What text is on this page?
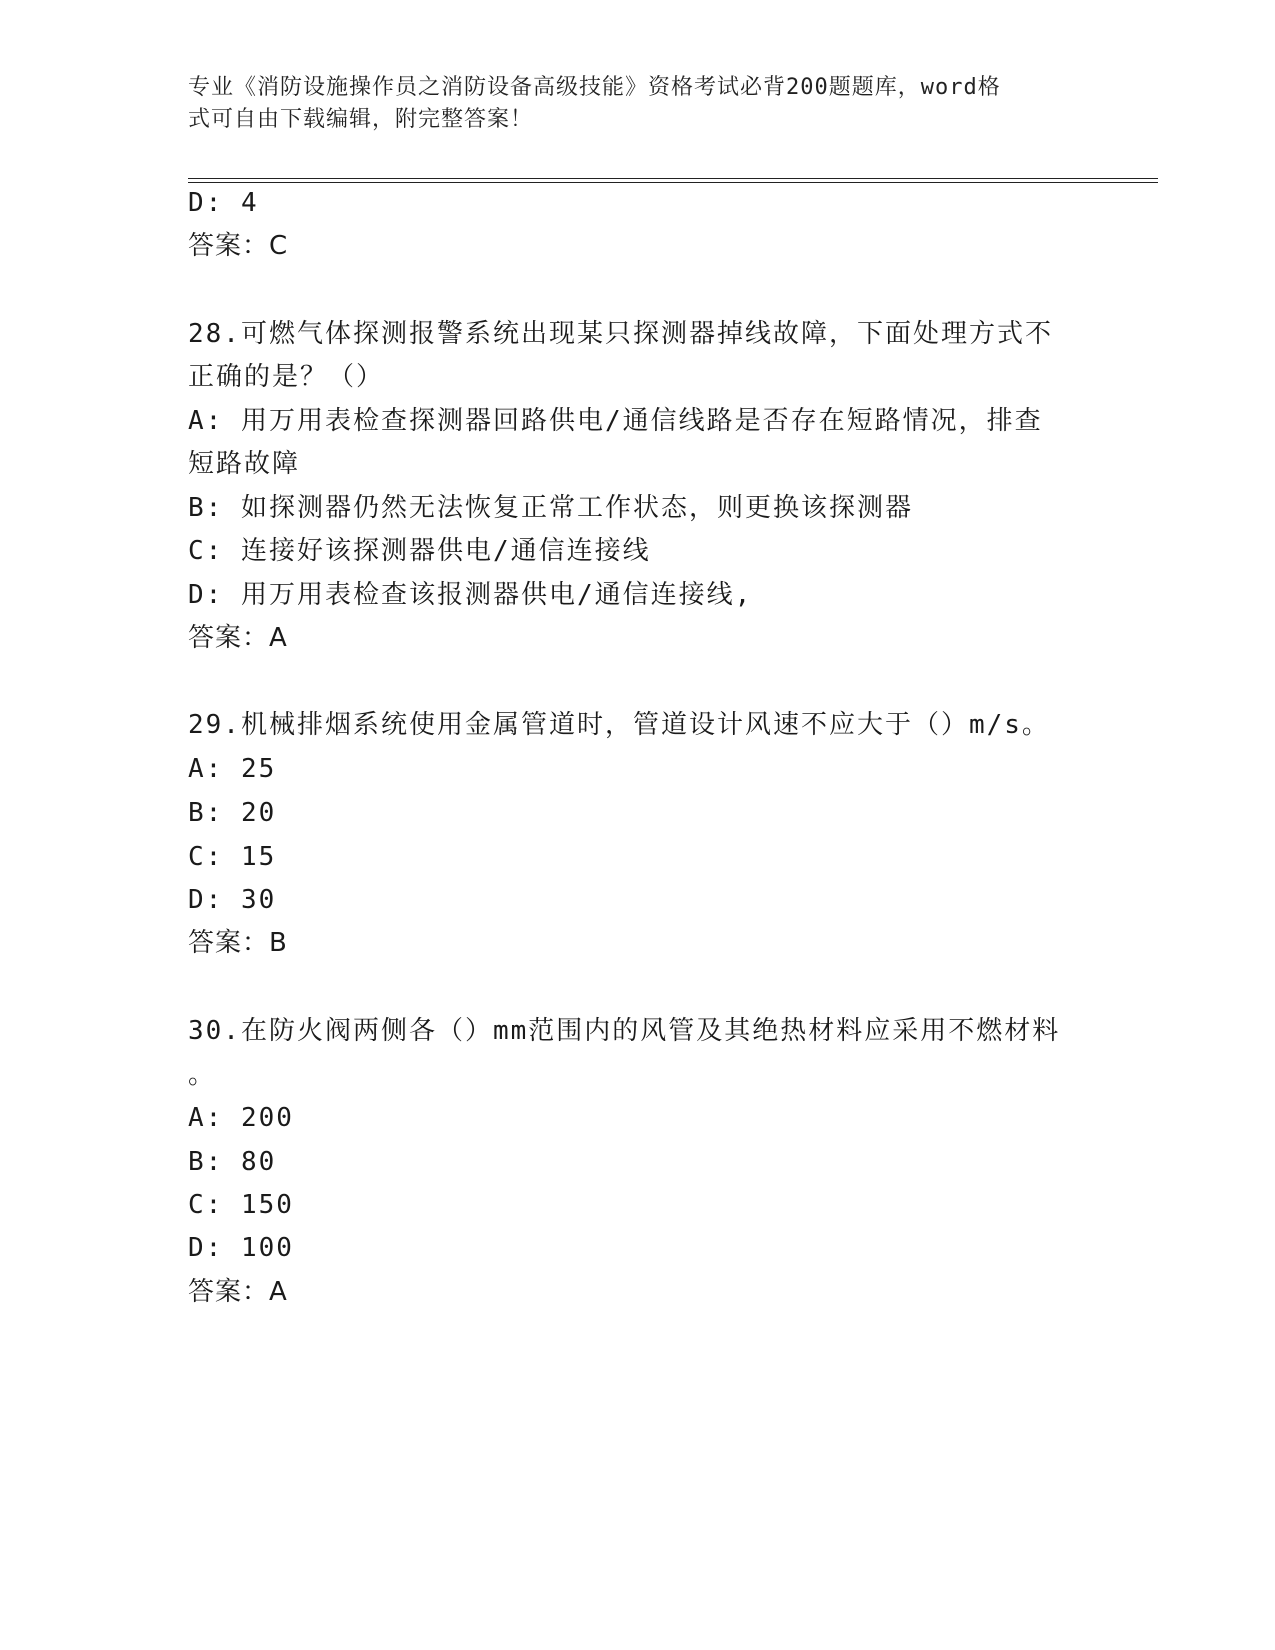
专业《消防设施操作员之消防设备高级技能》资格考试必背200题题库，word格
式可自由下载编辑，附完整答案！
D: 4
答案：C
28.可燃气体探测报警系统出现某只探测器掉线故障，下面处理方式不
正确的是？（）
A: 用万用表检查探测器回路供电/通信线路是否存在短路情况，排查
短路故障
B: 如探测器仍然无法恢复正常工作状态，则更换该探测器
C: 连接好该探测器供电/通信连接线
D: 用万用表检查该报测器供电/通信连接线,
答案：A
29.机械排烟系统使用金属管道时，管道设计风速不应大于（）m/s。
A: 25
B: 20
C: 15
D: 30
答案：B
30.在防火阀两侧各（）mm范围内的风管及其绝热材料应采用不燃材料
。
A: 200
B: 80
C: 150
D: 100
答案：A
